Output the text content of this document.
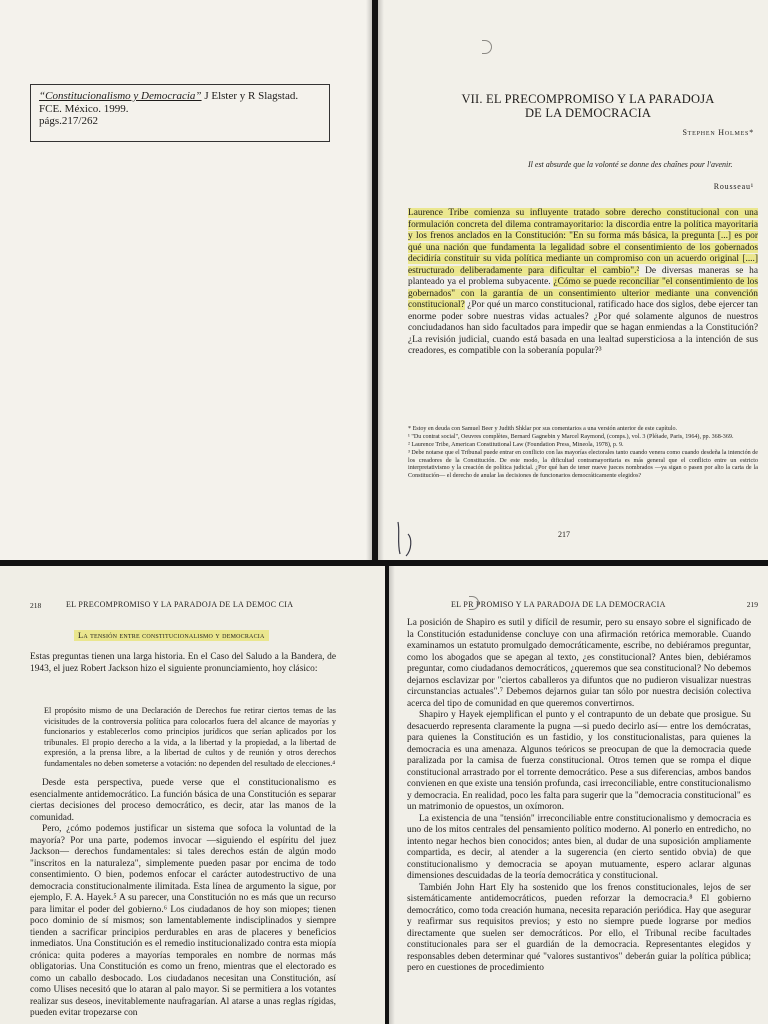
“Constitucionalismo y Democracia” J Elster y R Slagstad.
FCE. México. 1999.
págs.217/262
VII. EL PRECOMPROMISO Y LA PARADOJA
DE LA DEMOCRACIA
Stephen Holmes*
Il est absurde que la volonté se donne des chaînes pour l'avenir.
Rousseau¹
Laurence Tribe comienza su influyente tratado sobre derecho constitucional con una formulación concreta del dilema contramayoritario: la discordia entre la política mayoritaria y los frenos anclados en la Constitución: "En su forma más básica, la pregunta [...] es por qué una nación que fundamenta la legalidad sobre el consentimiento de los gobernados decidiría constituir su vida política mediante un compromiso con un acuerdo original [....] estructurado deliberadamente para dificultar el cambio".² De diversas maneras se ha planteado ya el problema subyacente. ¿Cómo se puede reconciliar "el consentimiento de los gobernados" con la garantía de un consentimiento ulterior mediante una convención constitucional? ¿Por qué un marco constitucional, ratificado hace dos siglos, debe ejercer tan enorme poder sobre nuestras vidas actuales? ¿Por qué solamente algunos de nuestros conciudadanos han sido facultados para impedir que se hagan enmiendas a la Constitución? ¿La revisión judicial, cuando está basada en una lealtad supersticiosa a la intención de sus creadores, es compatible con la soberanía popular?³

* Estoy en deuda con Samuel Beer y Judith Shklar por sus comentarios a una versión anterior de este capítulo.

¹ "Du contrat social", Oeuvres complètes, Bernard Gagnebin y Marcel Raymond, (comps.), vol. 3 (Pléiade, Paris, 1964), pp. 368-369.

² Laurence Tribe, American Constitutional Law (Foundation Press, Mineola, 1978), p. 9.

³ Debe notarse que el Tribunal puede entrar en conflicto con las mayorías electorales tanto cuando venera como cuando desdeña la intención de los creadores de la Constitución. De este modo, la dificultad contramayoritaria es más general que el conflicto entre un estricto interpretativismo y la creación de política judicial. ¿Por qué han de tener nueve jueces nombrados —ya sigan o pasen por alto la carta de la Constitución— el derecho de anular las decisiones de funcionarios democráticamente elegidos?

217
218	EL PRECOMPROMISO Y LA PARADOJA DE LA DEMOC CIA
La tensión entre constitucionalismo y democracia
Estas preguntas tienen una larga historia. En el Caso del Saludo a la Bandera, de 1943, el juez Robert Jackson hizo el siguiente pronunciamiento, hoy clásico:
El propósito mismo de una Declaración de Derechos fue retirar ciertos temas de las vicisitudes de la controversia política para colocarlos fuera del alcance de mayorías y funcionarios y establecerlos como principios jurídicos que serían aplicados por los tribunales. El propio derecho a la vida, a la libertad y la propiedad, a la libertad de expresión, a la prensa libre, a la libertad de cultos y de reunión y otros derechos fundamentales no deben someterse a votación: no dependen del resultado de elecciones.⁴

Desde esta perspectiva, puede verse que el constitucionalismo es esencialmente antidemocrático. La función básica de una Constitución es separar ciertas decisiones del proceso democrático, es decir, atar las manos de la comunidad.

Pero, ¿cómo podemos justificar un sistema que sofoca la voluntad de la mayoría? Por una parte, podemos invocar —siguiendo el espíritu del juez Jackson— derechos fundamentales: si tales derechos están de algún modo "inscritos en la naturaleza", simplemente pueden pasar por encima de todo consentimiento. O bien, podemos enfocar el carácter autodestructivo de una democracia constitucionalmente ilimitada. Esta línea de argumento la sigue, por ejemplo, F. A. Hayek.⁵ A su parecer, una Constitución no es más que un recurso para limitar el poder del gobierno.⁶ Los ciudadanos de hoy son miopes; tienen poco dominio de sí mismos; son lamentablemente indisciplinados y siempre tienden a sacrificar principios perdurables en aras de placeres y beneficios inmediatos. Una Constitución es el remedio institucionalizado contra esta miopía crónica: quita poderes a mayorías temporales en nombre de normas más obligatorias. Una Constitución es como un freno, mientras que el electorado es como un caballo desbocado. Los ciudadanos necesitan una Constitución, así como Ulises necesitó que lo ataran al palo mayor. Si se permitiera a los votantes realizar sus deseos, inevitablemente naufragarían. Al atarse a unas reglas rígidas, pueden evitar tropezarse con

EL PR PROMISO Y LA PARADOJA DE LA DEMOCRACIA	219

La posición de Shapiro es sutil y difícil de resumir, pero su ensayo sobre el significado de la Constitución estadunidense concluye con una afirmación retórica memorable. Cuando examinamos un estatuto promulgado democráticamente, escribe, no debiéramos preguntar, como los abogados que se apegan al texto, ¿es constitucional? Antes bien, debiéramos preguntar, como ciudadanos democráticos, ¿queremos que sea constitucional? No debemos dejarnos esclavizar por "ciertos caballeros ya difuntos que no pudieron visualizar nuestras circunstancias actuales".⁷ Debemos dejarnos guiar tan sólo por nuestra decisión colectiva acerca del tipo de comunidad en que queremos convertirnos.

Shapiro y Hayek ejemplifican el punto y el contrapunto de un debate que prosigue. Su desacuerdo representa claramente la pugna —si puedo decirlo así— entre los demócratas, para quienes la Constitución es un fastidio, y los constitucionalistas, para quienes la democracia es una amenaza. Algunos teóricos se preocupan de que la democracia quede paralizada por la camisa de fuerza constitucional. Otros temen que se rompa el dique constitucional arrastrado por el torrente democrático. Pese a sus diferencias, ambos bandos convienen en que existe una tensión profunda, casi irreconciliable, entre constitucionalismo y democracia. En realidad, poco les falta para sugerir que la "democracia constitucional" es un matrimonio de opuestos, un oxímoron.

La existencia de una "tensión" irreconciliable entre constitucionalismo y democracia es uno de los mitos centrales del pensamiento político moderno. Al ponerlo en entredicho, no intento negar hechos bien conocidos; antes bien, al dudar de una suposición ampliamente compartida, es decir, al atender a la sugerencia (en cierto sentido obvia) de que constitucionalismo y democracia se apoyan mutuamente, espero aclarar algunas dimensiones descuidadas de la teoría democrática y constitucional.

También John Hart Ely ha sostenido que los frenos constitucionales, lejos de ser sistemáticamente antidemocráticos, pueden reforzar la democracia.⁸ El gobierno democrático, como toda creación humana, necesita reparación periódica. Hay que asegurar y reafirmar sus requisitos previos; y esto no siempre puede lograrse por medios directamente que suelen ser democráticos. Por ello, el Tribunal recibe facultades constitucionales para ser el guardián de la democracia. Representantes elegidos y responsables deben determinar qué "valores sustantivos" deberán guiar la política pública; pero en cuestiones de procedimiento
